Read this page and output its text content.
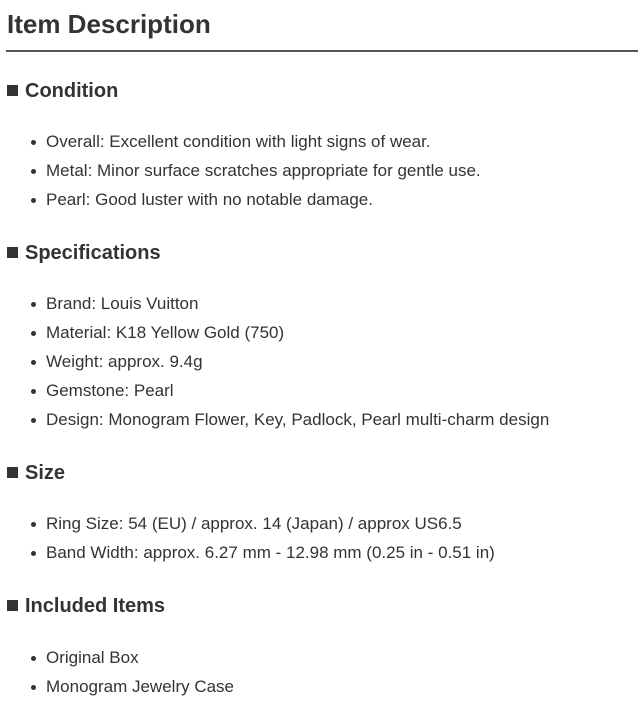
Item Description
Condition
Overall: Excellent condition with light signs of wear.
Metal: Minor surface scratches appropriate for gentle use.
Pearl: Good luster with no notable damage.
Specifications
Brand: Louis Vuitton
Material: K18 Yellow Gold (750)
Weight: approx. 9.4g
Gemstone: Pearl
Design: Monogram Flower, Key, Padlock, Pearl multi-charm design
Size
Ring Size: 54 (EU) / approx. 14 (Japan) / approx US6.5
Band Width: approx. 6.27 mm - 12.98 mm (0.25 in - 0.51 in)
Included Items
Original Box
Monogram Jewelry Case
